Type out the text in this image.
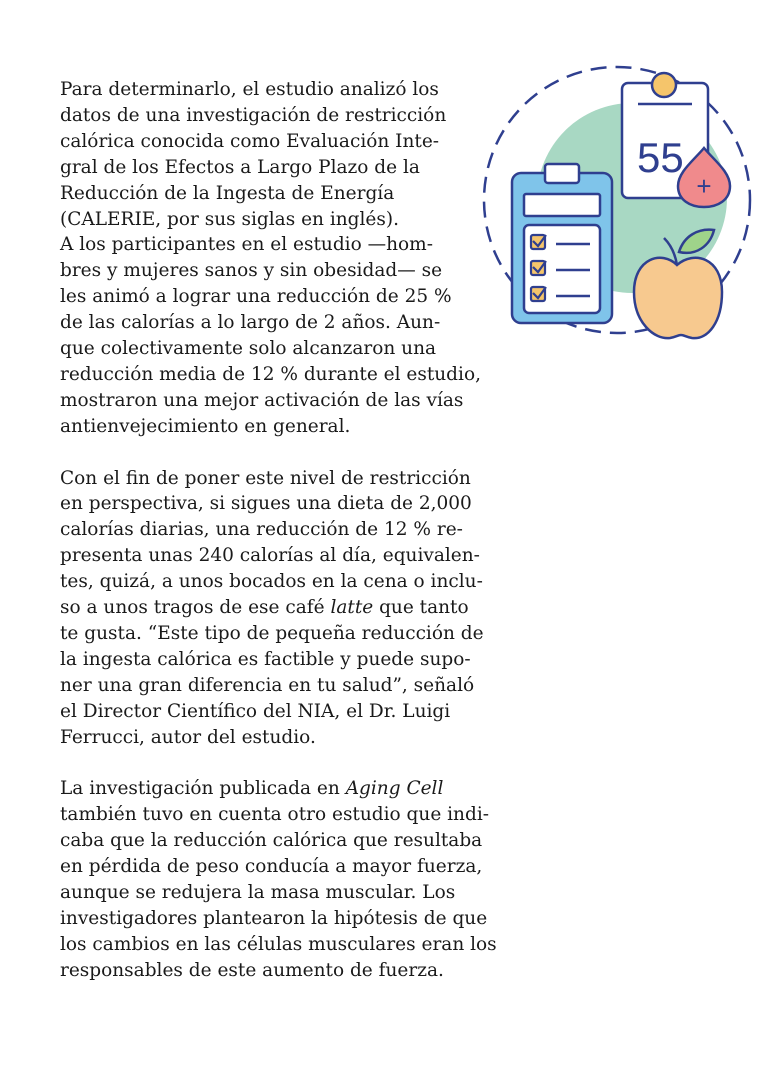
Para determinarlo, el estudio analizó los
datos de una investigación de restricción
calórica conocida como Evaluación Inte-
gral de los Efectos a Largo Plazo de la
Reducción de la Ingesta de Energía
(CALERIE, por sus siglas en inglés).
A los participantes en el estudio —hom-
bres y mujeres sanos y sin obesidad— se
les animó a lograr una reducción de 25 %
de las calorías a lo largo de 2 años. Aun-
que colectivamente solo alcanzaron una
reducción media de 12 % durante el estudio,
mostraron una mejor activación de las vías
antienvejecimiento en general.

Con el fin de poner este nivel de restricción
en perspectiva, si sigues una dieta de 2,000
calorías diarias, una reducción de 12 % re-
presenta unas 240 calorías al día, equivalen-
tes, quizá, a unos bocados en la cena o inclu-
so a unos tragos de ese café latte que tanto
te gusta. “Este tipo de pequeña reducción de
la ingesta calórica es factible y puede supo-
ner una gran diferencia en tu salud”, señaló
el Director Científico del NIA, el Dr. Luigi
Ferrucci, autor del estudio.

La investigación publicada en Aging Cell
también tuvo en cuenta otro estudio que indi-
caba que la reducción calórica que resultaba
en pérdida de peso conducía a mayor fuerza,
aunque se redujera la masa muscular. Los
investigadores plantearon la hipótesis de que
los cambios en las células musculares eran los
responsables de este aumento de fuerza.

55
+
